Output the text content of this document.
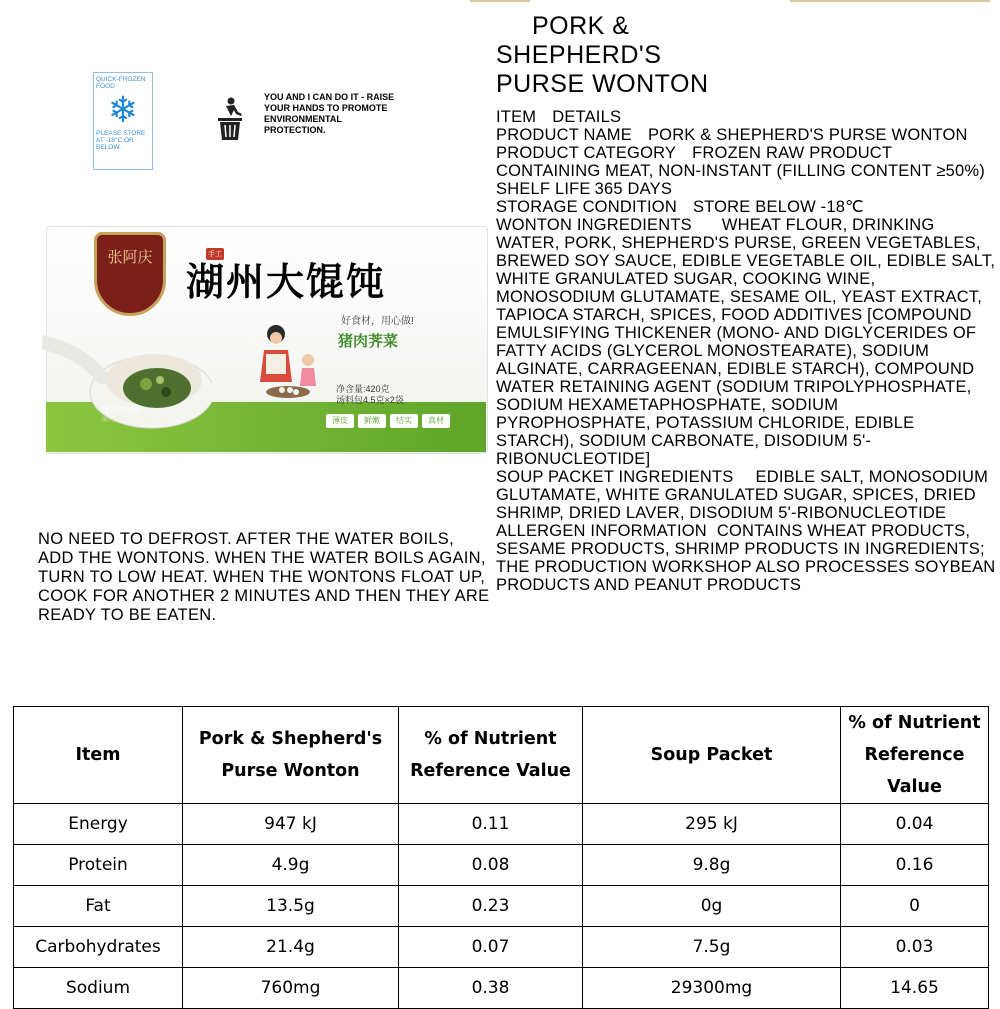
PORK &
SHEPHERD'S
PURSE WONTON
ITEM DETAILS
PRODUCT NAME PORK & SHEPHERD'S PURSE WONTON
PRODUCT CATEGORY FROZEN RAW PRODUCT CONTAINING MEAT, NON-INSTANT (FILLING CONTENT ≥50%)
SHELF LIFE 365 DAYS
STORAGE CONDITION STORE BELOW -18℃
WONTON INGREDIENTS WHEAT FLOUR, DRINKING WATER, PORK, SHEPHERD'S PURSE, GREEN VEGETABLES, BREWED SOY SAUCE, EDIBLE VEGETABLE OIL, EDIBLE SALT, WHITE GRANULATED SUGAR, COOKING WINE, MONOSODIUM GLUTAMATE, SESAME OIL, YEAST EXTRACT, TAPIOCA STARCH, SPICES, FOOD ADDITIVES [COMPOUND EMULSIFYING THICKENER (MONO- AND DIGLYCERIDES OF FATTY ACIDS (GLYCEROL MONOSTEARATE), SODIUM ALGINATE, CARRAGEENAN, EDIBLE STARCH), COMPOUND WATER RETAINING AGENT (SODIUM TRIPOLYPHOSPHATE, SODIUM HEXAMETAPHOSPHATE, SODIUM PYROPHOSPHATE, POTASSIUM CHLORIDE, EDIBLE STARCH), SODIUM CARBONATE, DISODIUM 5'-RIBONUCLEOTIDE]
SOUP PACKET INGREDIENTS EDIBLE SALT, MONOSODIUM GLUTAMATE, WHITE GRANULATED SUGAR, SPICES, DRIED SHRIMP, DRIED LAVER, DISODIUM 5'-RIBONUCLEOTIDE
ALLERGEN INFORMATION CONTAINS WHEAT PRODUCTS, SESAME PRODUCTS, SHRIMP PRODUCTS IN INGREDIENTS; THE PRODUCTION WORKSHOP ALSO PROCESSES SOYBEAN PRODUCTS AND PEANUT PRODUCTS
NO NEED TO DEFROST. AFTER THE WATER BOILS, ADD THE WONTONS. WHEN THE WATER BOILS AGAIN, TURN TO LOW HEAT. WHEN THE WONTONS FLOAT UP, COOK FOR ANOTHER 2 MINUTES AND THEN THEY ARE READY TO BE EATEN.
QUICK-FROZEN FOOD
❄
PLEASE STORE AT -18°C OR BELOW.
YOU AND I CAN DO IT - RAISE YOUR HANDS TO PROMOTE ENVIRONMENTAL PROTECTION.
张阿庆	手工
湖州大馄饨
好食材，用心做!
猪肉荠菜
净含量:420克
汤料包4.5克×2袋
速冻生制品
图片仅供参考 产品以实物为准	薄皮	鲜嫩	结实	真材
Item	Pork & Shepherd's Purse Wonton	% of Nutrient Reference Value	Soup Packet	% of Nutrient Reference Value
Energy	947 kJ	0.11	295 kJ	0.04
Protein	4.9g	0.08	9.8g	0.16
Fat	13.5g	0.23	0g	0
Carbohydrates	21.4g	0.07	7.5g	0.03
Sodium	760mg	0.38	29300mg	14.65
